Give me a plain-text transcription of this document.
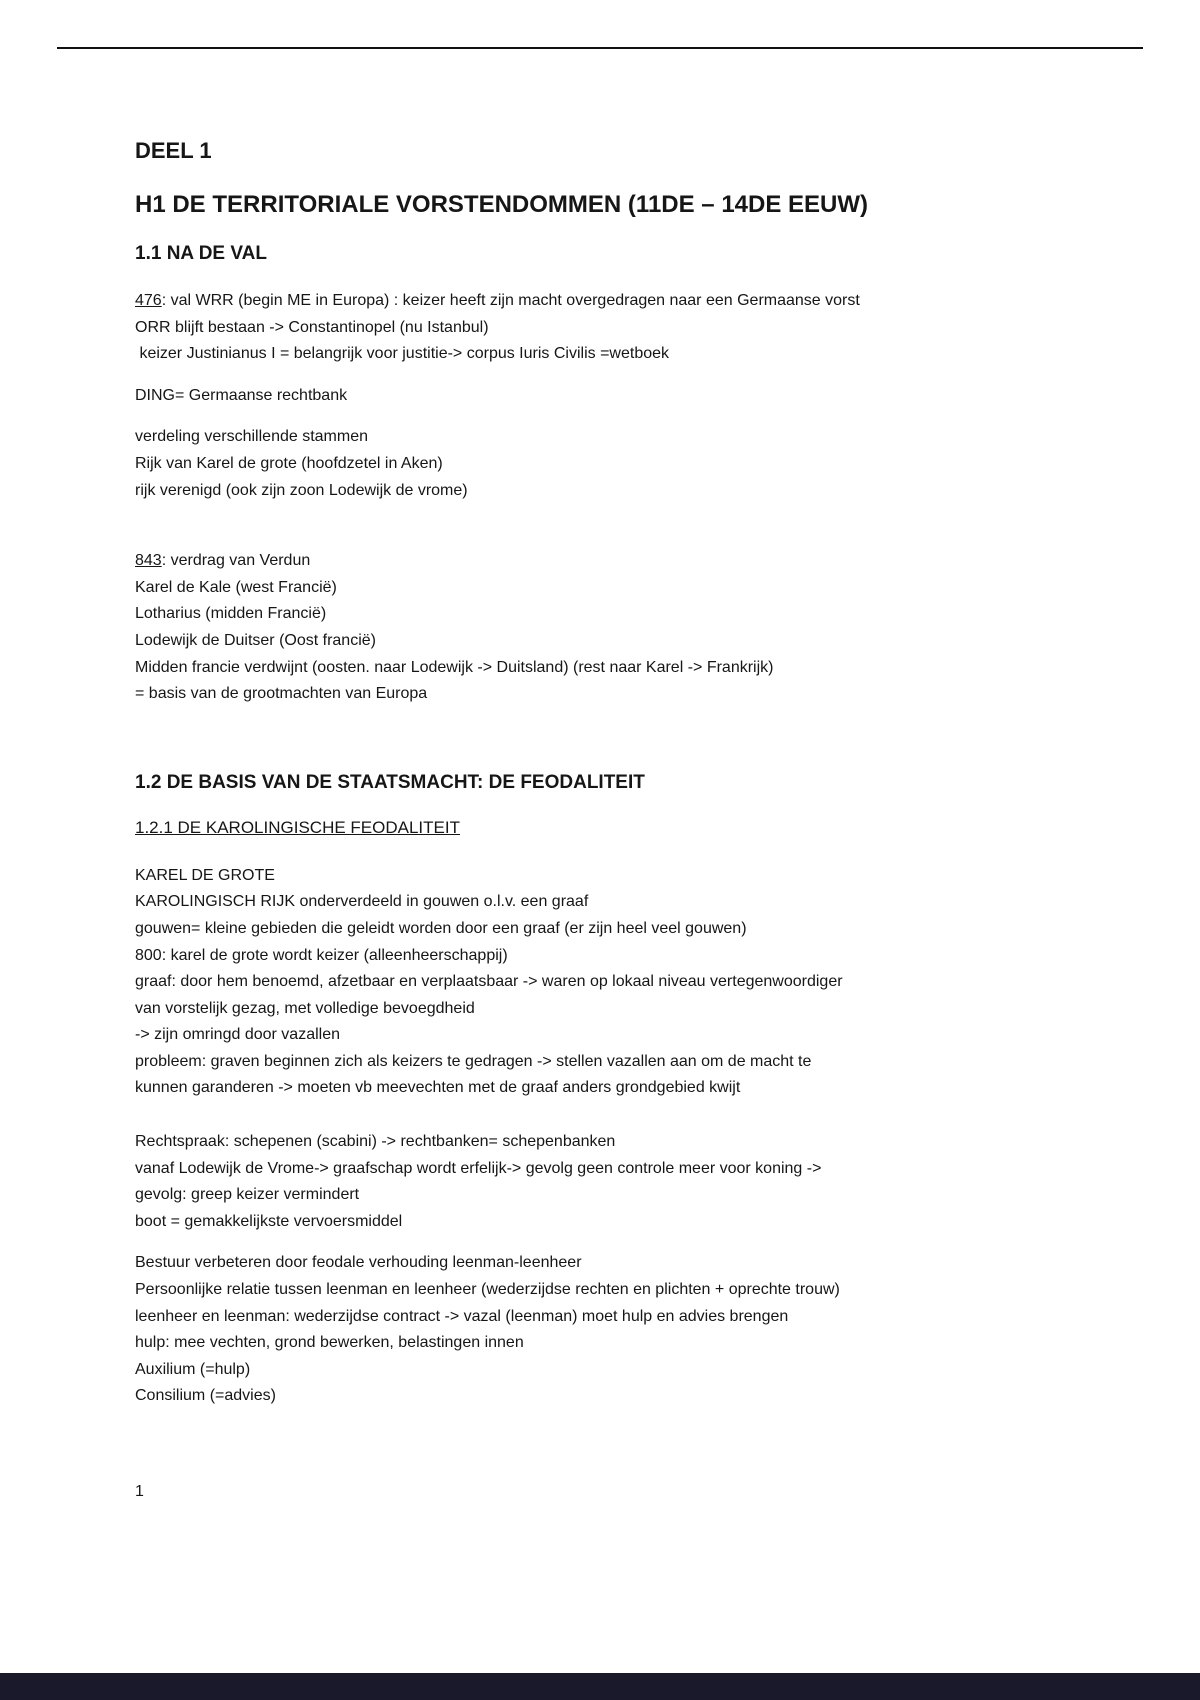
DEEL 1
H1 DE TERRITORIALE VORSTENDOMMEN (11DE – 14DE EEUW)
1.1 NA DE VAL
476: val WRR (begin ME in Europa) : keizer heeft zijn macht overgedragen naar een Germaanse vorst
ORR blijft bestaan -> Constantinopel (nu Istanbul)
keizer Justinianus I = belangrijk voor justitie-> corpus Iuris Civilis =wetboek
DING= Germaanse rechtbank
verdeling verschillende stammen
Rijk van Karel de grote (hoofdzetel in Aken)
rijk verenigd (ook zijn zoon Lodewijk de vrome)
843: verdrag van Verdun
Karel de Kale (west Francië)
Lotharius (midden Francië)
Lodewijk de Duitser (Oost francië)
Midden francie verdwijnt (oosten. naar Lodewijk -> Duitsland) (rest naar Karel -> Frankrijk)
= basis van de grootmachten van Europa
1.2 DE BASIS VAN DE STAATSMACHT: DE FEODALITEIT
1.2.1 DE KAROLINGISCHE FEODALITEIT
KAREL DE GROTE
KAROLINGISCH RIJK onderverdeeld in gouwen o.l.v. een graaf
gouwen= kleine gebieden die geleidt worden door een graaf (er zijn heel veel gouwen)
800: karel de grote wordt keizer (alleenheerschappij)
graaf: door hem benoemd, afzetbaar en verplaatsbaar -> waren op lokaal niveau vertegenwoordiger
van vorstelijk gezag, met volledige bevoegdheid
-> zijn omringd door vazallen
probleem: graven beginnen zich als keizers te gedragen -> stellen vazallen aan om de macht te
kunnen garanderen -> moeten vb meevechten met de graaf anders grondgebied kwijt
Rechtspraak: schepenen (scabini) -> rechtbanken= schepenbanken
vanaf Lodewijk de Vrome-> graafschap wordt erfelijk-> gevolg geen controle meer voor koning ->
gevolg: greep keizer vermindert
boot = gemakkelijkste vervoersmiddel
Bestuur verbeteren door feodale verhouding leenman-leenheer
Persoonlijke relatie tussen leenman en leenheer (wederzijdse rechten en plichten + oprechte trouw)
leenheer en leenman: wederzijdse contract -> vazal (leenman) moet hulp en advies brengen
hulp: mee vechten, grond bewerken, belastingen innen
Auxilium (=hulp)
Consilium (=advies)
1
